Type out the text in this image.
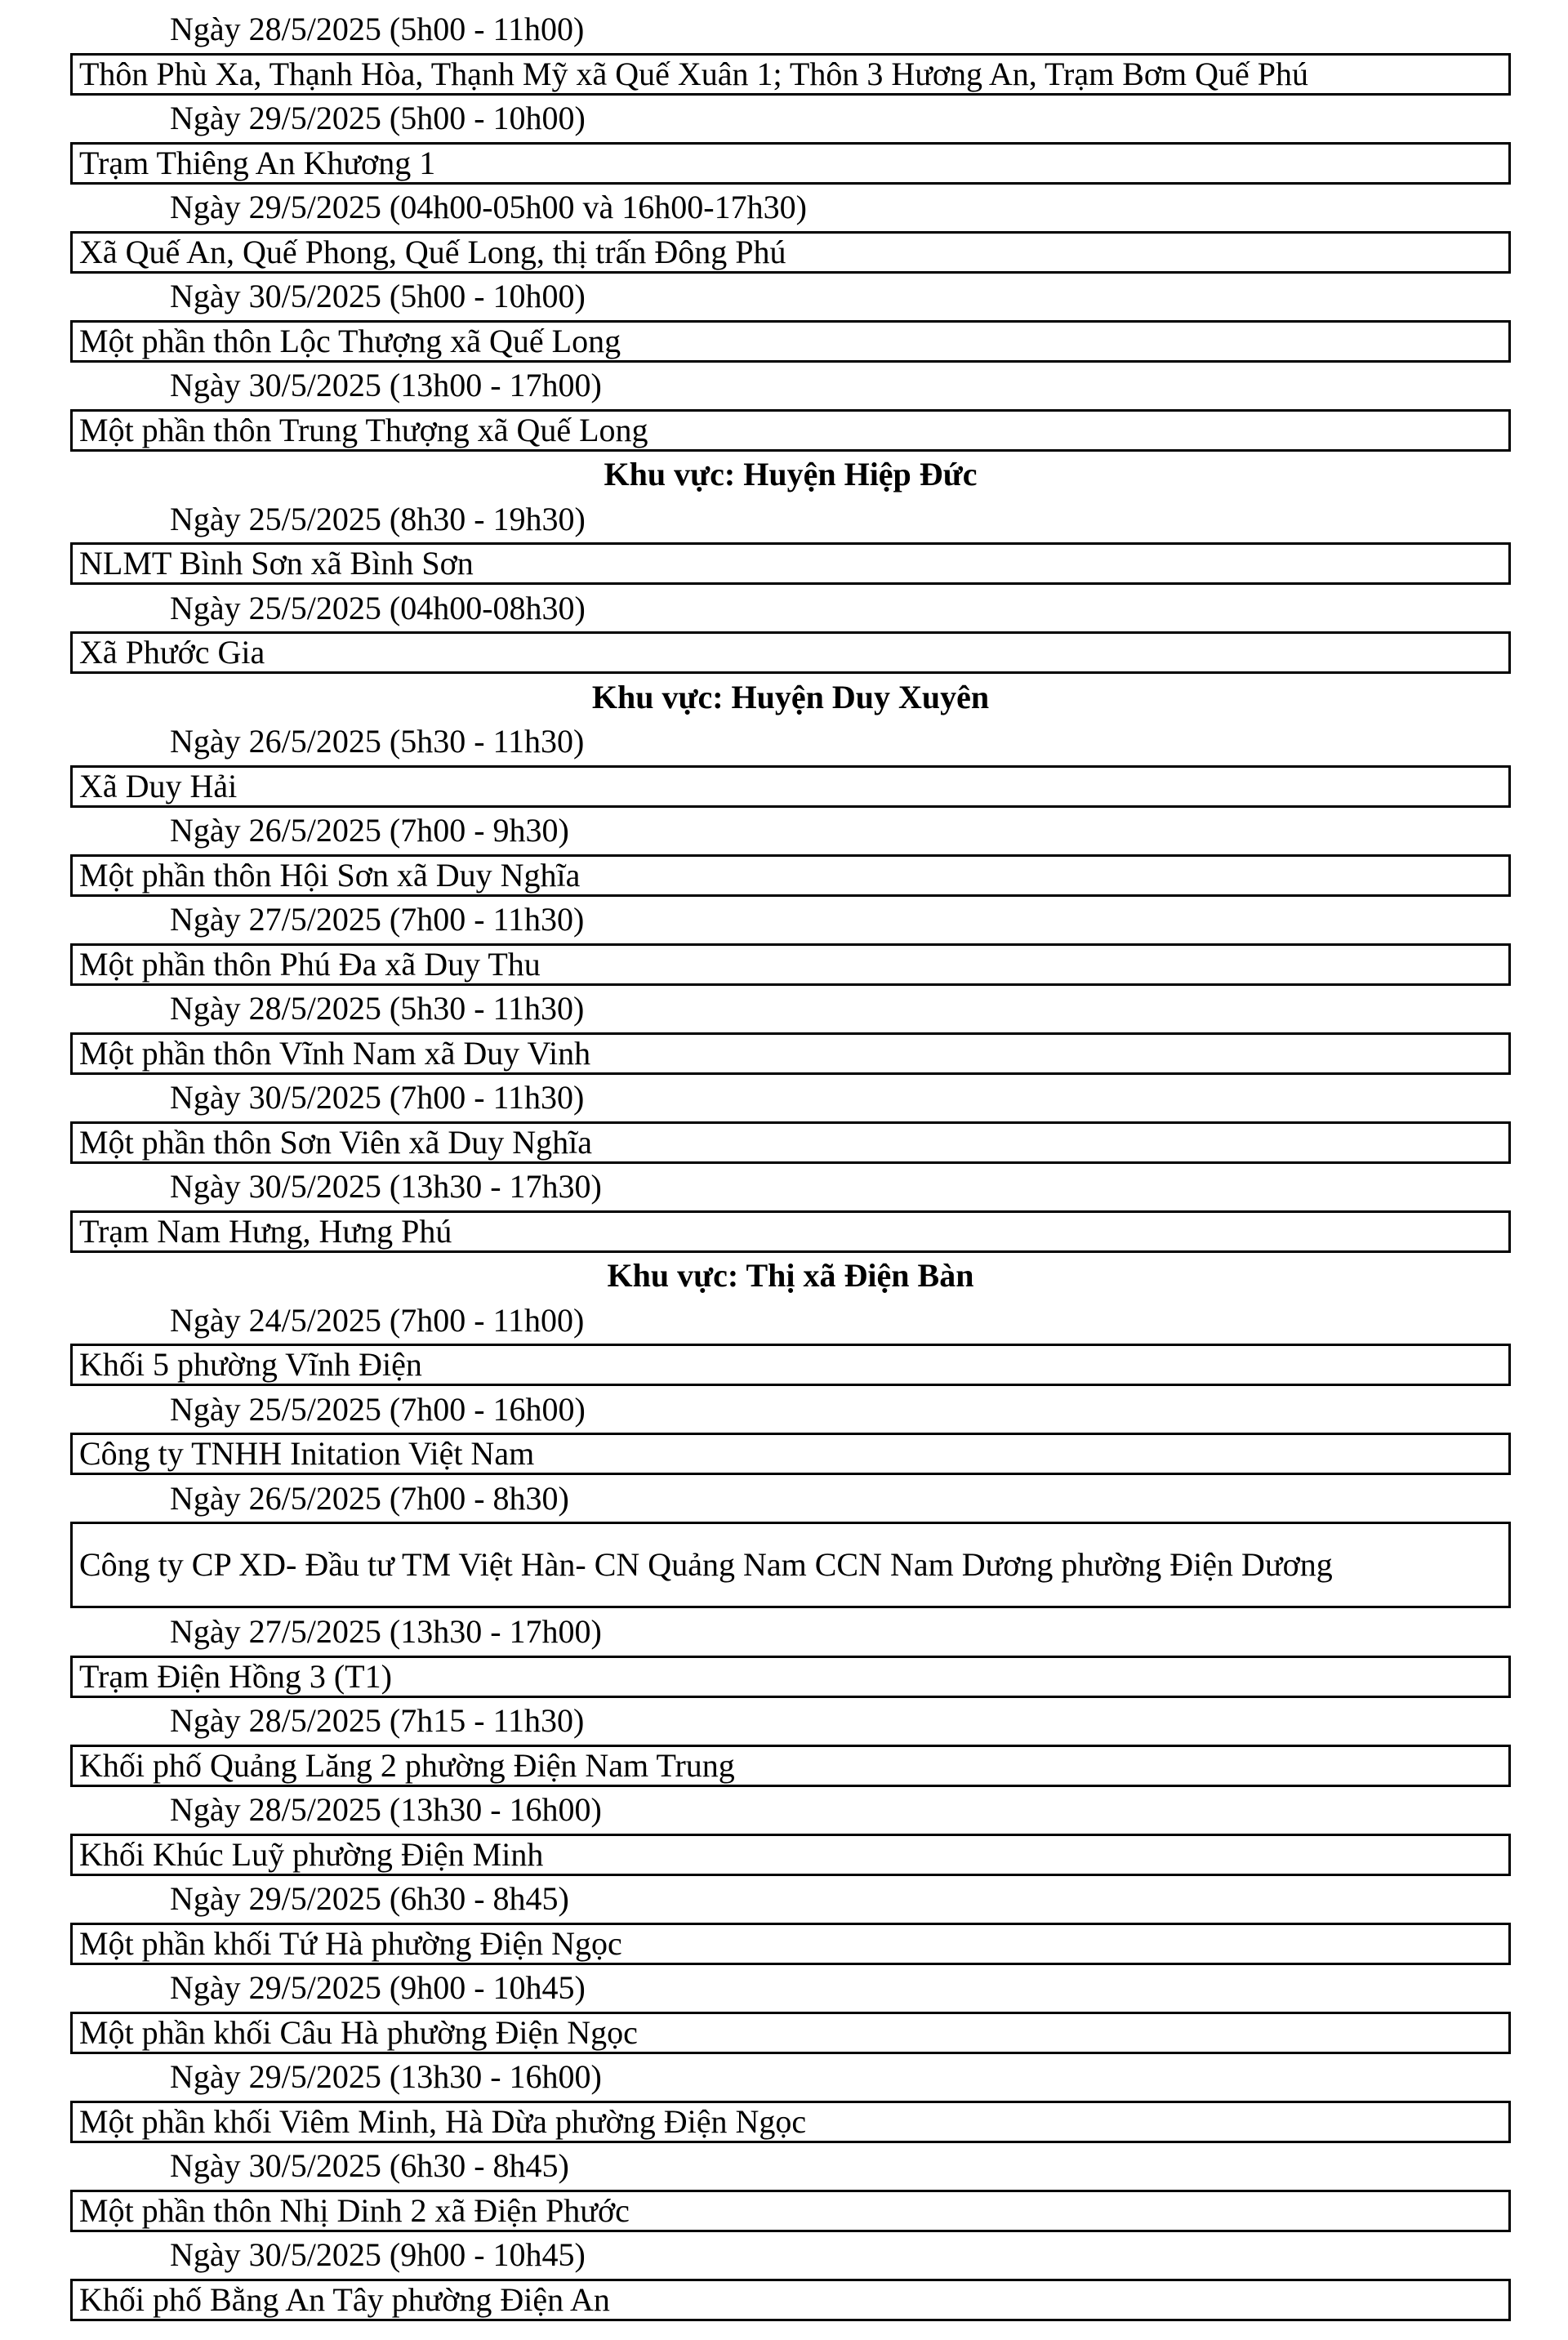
Ngày 28/5/2025 (5h00 - 11h00)
Thôn Phù Xa, Thạnh Hòa, Thạnh Mỹ xã Quế Xuân 1; Thôn 3 Hương An, Trạm Bơm Quế Phú
Ngày 29/5/2025 (5h00 - 10h00)
Trạm Thiêng An Khương 1
Ngày 29/5/2025 (04h00-05h00 và 16h00-17h30)
Xã Quế An, Quế Phong, Quế Long, thị trấn Đông Phú
Ngày 30/5/2025 (5h00 - 10h00)
Một phần thôn Lộc Thượng xã Quế Long
Ngày 30/5/2025 (13h00 - 17h00)
Một phần thôn Trung Thượng xã Quế Long
Khu vực: Huyện Hiệp Đức
Ngày 25/5/2025 (8h30 - 19h30)
NLMT Bình Sơn xã Bình Sơn
Ngày 25/5/2025 (04h00-08h30)
Xã Phước Gia
Khu vực: Huyện Duy Xuyên
Ngày 26/5/2025 (5h30 - 11h30)
Xã Duy Hải
Ngày 26/5/2025 (7h00 - 9h30)
Một phần thôn Hội Sơn xã Duy Nghĩa
Ngày 27/5/2025 (7h00 - 11h30)
Một phần thôn Phú Đa xã Duy Thu
Ngày 28/5/2025 (5h30 - 11h30)
Một phần thôn Vĩnh Nam xã Duy Vinh
Ngày 30/5/2025 (7h00 - 11h30)
Một phần thôn Sơn Viên xã Duy Nghĩa
Ngày 30/5/2025 (13h30 - 17h30)
Trạm Nam Hưng, Hưng Phú
Khu vực: Thị xã Điện Bàn
Ngày 24/5/2025 (7h00 - 11h00)
Khối 5 phường Vĩnh Điện
Ngày 25/5/2025 (7h00 - 16h00)
Công ty TNHH Initation Việt Nam
Ngày 26/5/2025 (7h00 - 8h30)
Công ty CP XD- Đầu tư TM Việt Hàn- CN Quảng Nam CCN Nam Dương phường Điện Dương
Ngày 27/5/2025 (13h30 - 17h00)
Trạm Điện Hồng 3 (T1)
Ngày 28/5/2025 (7h15 - 11h30)
Khối phố Quảng Lăng 2 phường Điện Nam Trung
Ngày 28/5/2025 (13h30 - 16h00)
Khối Khúc Luỹ phường Điện Minh
Ngày 29/5/2025 (6h30 - 8h45)
Một phần khối Tứ Hà phường Điện Ngọc
Ngày 29/5/2025 (9h00 - 10h45)
Một phần khối Câu Hà phường Điện Ngọc
Ngày 29/5/2025 (13h30 - 16h00)
Một phần khối Viêm Minh, Hà Dừa phường Điện Ngọc
Ngày 30/5/2025 (6h30 - 8h45)
Một phần thôn Nhị Dinh 2 xã Điện Phước
Ngày 30/5/2025 (9h00 - 10h45)
Khối phố Bằng An Tây phường Điện An
